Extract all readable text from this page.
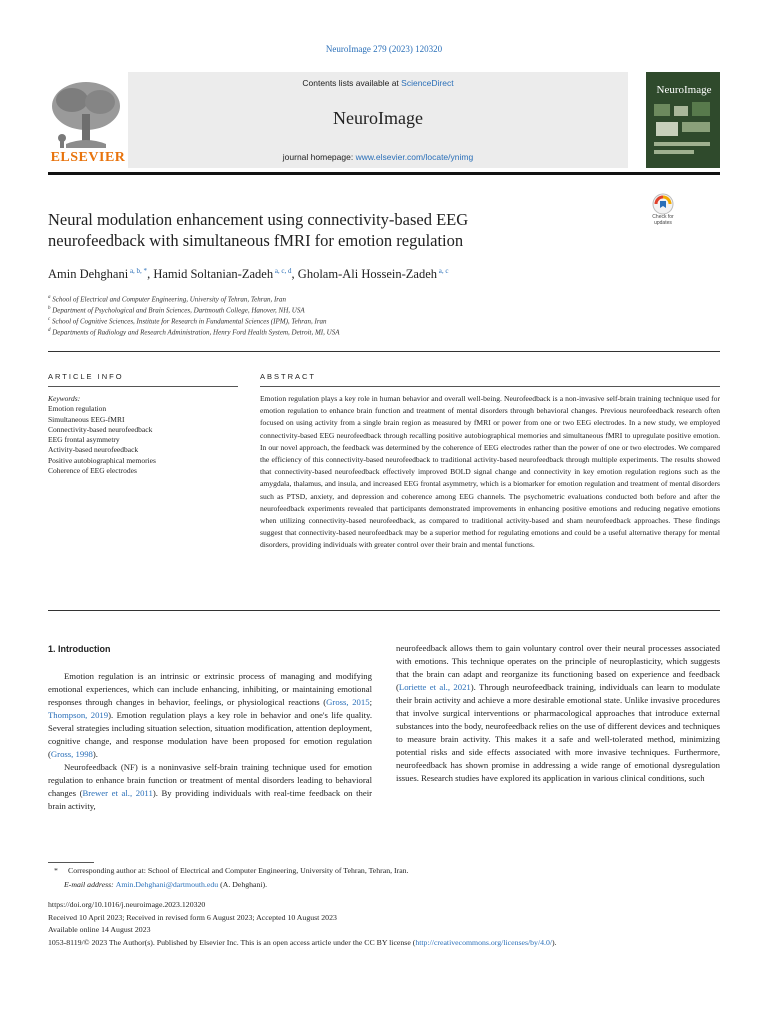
NeuroImage 279 (2023) 120320
Contents lists available at ScienceDirect
NeuroImage
journal homepage: www.elsevier.com/locate/ynimg
ELSEVIER
NeuroImage
Check for updates
Neural modulation enhancement using connectivity-based EEG
neurofeedback with simultaneous fMRI for emotion regulation
Amin Dehghani $^{a, b, *}$, Hamid Soltanian-Zadeh $^{a, c, d}$, Gholam-Ali Hossein-Zadeh $^{a, c}$
$^a$ School of Electrical and Computer Engineering, University of Tehran, Tehran, Iran
$^b$ Department of Psychological and Brain Sciences, Dartmouth College, Hanover, NH, USA
$^c$ School of Cognitive Sciences, Institute for Research in Fundamental Sciences (IPM), Tehran, Iran
$^d$ Departments of Radiology and Research Administration, Henry Ford Health System, Detroit, MI, USA
ARTICLE INFO	ABSTRACT
Keywords:
Emotion regulation
Simultaneous EEG-fMRI
Connectivity-based neurofeedback
EEG frontal asymmetry
Activity-based neurofeedback
Positive autobiographical memories
Coherence of EEG electrodes
Emotion regulation plays a key role in human behavior and overall well-being. Neurofeedback is a non-invasive self-brain training technique used for emotion regulation to enhance brain function and treatment of mental disorders through behavioral changes. Previous neurofeedback research often focused on using activity from a single brain region as measured by fMRI or power from one or two EEG electrodes. In a new study, we employed connectivity-based EEG neurofeedback through recalling positive autobiographical memories and simultaneous fMRI to upregulate positive emotion. In our novel approach, the feedback was determined by the coherence of EEG electrodes rather than the power of one or two electrodes. We compared the efficiency of this connectivity-based neurofeedback to traditional activity-based neurofeedback through multiple experiments. The results showed that connectivity-based neurofeedback effectively improved BOLD signal change and connectivity in key emotion regulation regions such as the amygdala, thalamus, and insula, and increased EEG frontal asymmetry, which is a biomarker for emotion regulation and treatment of mental disorders such as PTSD, anxiety, and depression and coherence among EEG channels. The psychometric evaluations conducted both before and after the neurofeedback experiments revealed that participants demonstrated improvements in enhancing positive emotions and reducing negative emotions when utilizing connectivity-based neurofeedback, as compared to traditional activity-based and sham neurofeedback approaches. These findings suggest that connectivity-based neurofeedback may be a superior method for regulating emotions and could be a useful alternative therapy for mental disorders, providing individuals with greater control over their brain and mental functions.
1. Introduction

Emotion regulation is an intrinsic or extrinsic process of managing and modifying emotional experiences, which can include enhancing, inhibiting, or maintaining emotional responses through changes in behavior, feelings, or physiological reactions (Gross, 2015; Thompson, 2019). Emotion regulation plays a key role in behavior and one's life quality. Several strategies including situation selection, situation modification, attention deployment, cognitive change, and response modulation have been proposed for emotion regulation (Gross, 1998).

Neurofeedback (NF) is a noninvasive self-brain training technique used for emotion regulation to enhance brain function or treatment of mental disorders leading to behavioral changes (Brewer et al., 2011). By providing individuals with real-time feedback on their brain activity,

neurofeedback allows them to gain voluntary control over their neural processes associated with emotions. This technique operates on the principle of neuroplasticity, which suggests that the brain can adapt and reorganize its functioning based on experience and feedback (Loriette et al., 2021). Through neurofeedback training, individuals can learn to modulate their brain activity and achieve a more desirable emotional state. Unlike invasive procedures that involve surgical interventions or pharmacological approaches that introduce external substances into the body, neurofeedback relies on the use of different devices and techniques to measure brain activity. This makes it a safe and well-tolerated method, minimizing potential risks and side effects associated with more invasive techniques. Furthermore, neurofeedback has shown promise in addressing a wide range of emotional dysregulation issues. Research studies have explored its application in various clinical conditions, such

* Corresponding author at: School of Electrical and Computer Engineering, University of Tehran, Tehran, Iran.
E-mail address: Amin.Dehghani@dartmouth.edu (A. Dehghani).
https://doi.org/10.1016/j.neuroimage.2023.120320
Received 10 April 2023; Received in revised form 6 August 2023; Accepted 10 August 2023
Available online 14 August 2023
1053-8119/© 2023 The Author(s). Published by Elsevier Inc. This is an open access article under the CC BY license (http://creativecommons.org/licenses/by/4.0/).
